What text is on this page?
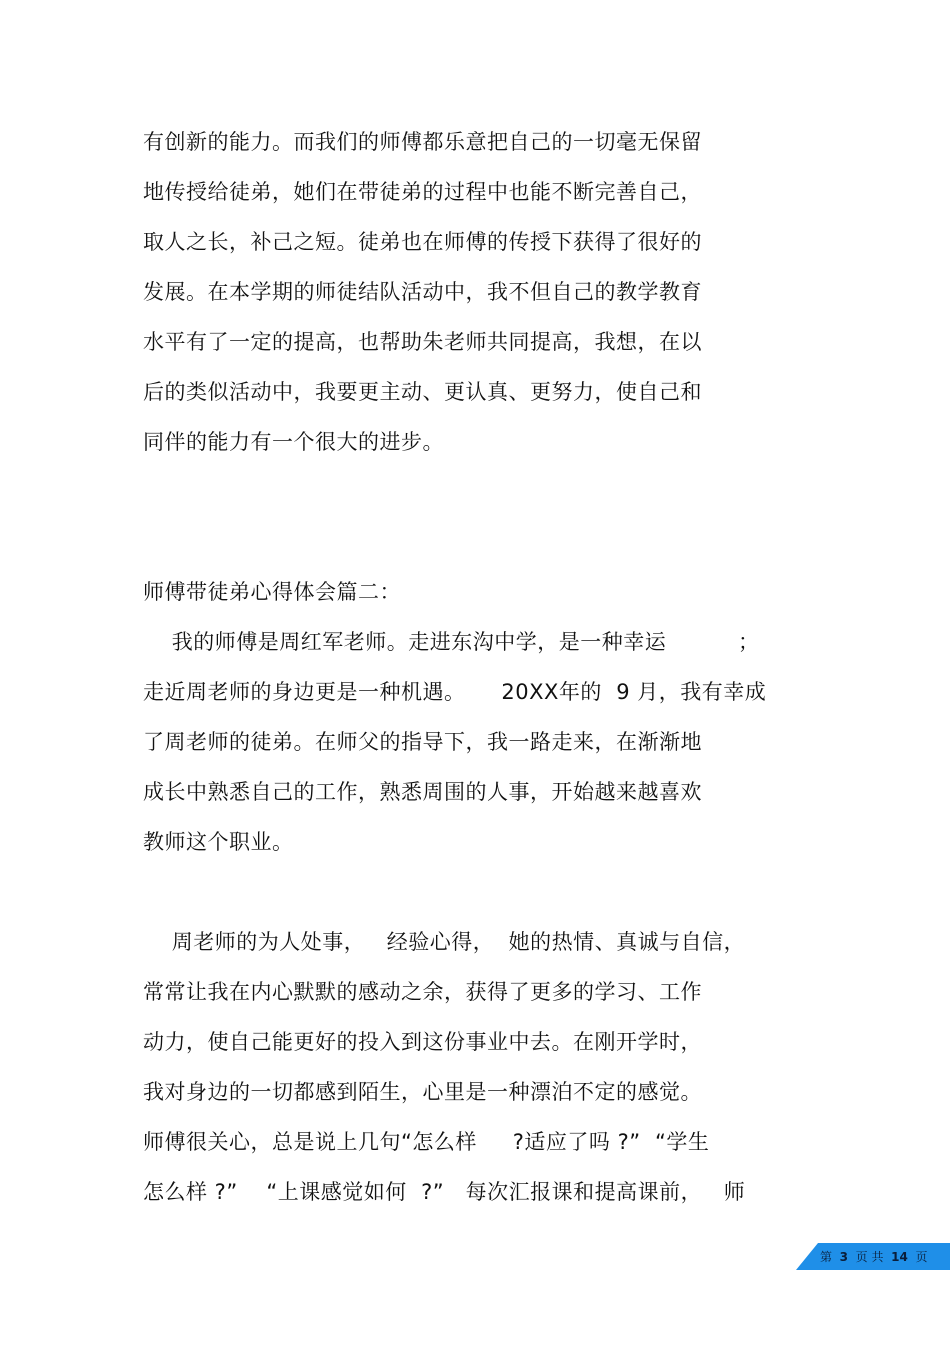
有创新的能力。而我们的师傅都乐意把自己的一切毫无保留
地传授给徒弟，她们在带徒弟的过程中也能不断完善自己，
取人之长，补己之短。徒弟也在师傅的传授下获得了很好的
发展。在本学期的师徒结队活动中，我不但自己的教学教育
水平有了一定的提高，也帮助朱老师共同提高，我想，在以
后的类似活动中，我要更主动、更认真、更努力，使自己和
同伴的能力有一个很大的进步。
师傅带徒弟心得体会篇二：
我的师傅是周红军老师。走进东沟中学，是一种幸运          ；
走近周老师的身边更是一种机遇。     20XX年的  9 月，我有幸成
了周老师的徒弟。在师父的指导下，我一路走来，在渐渐地
成长中熟悉自己的工作，熟悉周围的人事，开始越来越喜欢
教师这个职业。
周老师的为人处事，   经验心得，  她的热情、真诚与自信，
常常让我在内心默默的感动之余，获得了更多的学习、工作
动力，使自己能更好的投入到这份事业中去。在刚开学时，
我对身边的一切都感到陌生，心里是一种漂泊不定的感觉。
师傅很关心，总是说上几句“怎么样     ?适应了吗 ?”  “学生
怎么样 ?”    “上课感觉如何  ?”   每次汇报课和提高课前，   师
第 3 页 共 14 页
